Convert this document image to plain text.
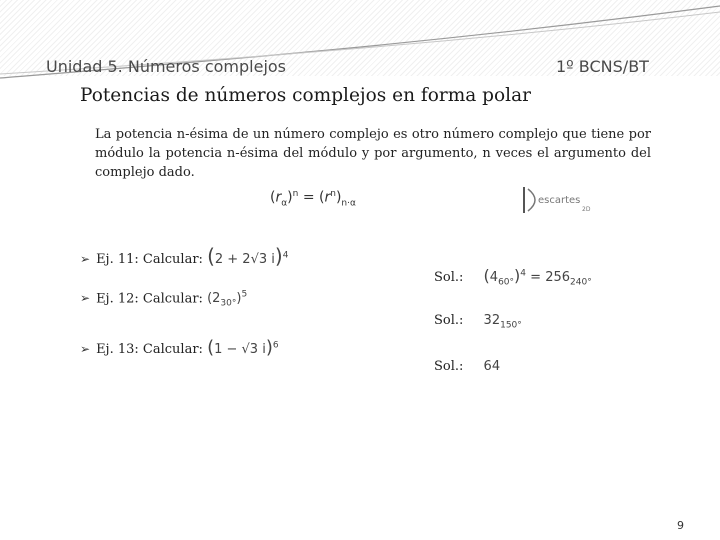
Unidad 5. Números complejos	1º BCNS/BT
Potencias de números complejos en forma polar
La potencia n-ésima de un número complejo es otro número complejo que tiene por módulo la potencia n-ésima del módulo y por argumento, n veces el argumento del complejo dado.
$(r_\alpha)^n = (r^n)_{n\cdot\alpha}$	escartes
2D
➢ Ej. 11: Calcular: (2 + 2√3 i)$^4$
➢ Ej. 12: Calcular: $(2_{30^\circ})^5$
➢ Ej. 13: Calcular: (1 − √3 i)$^6$
Sol.: $(4_{60^\circ})^4 = 256_{240^\circ}$
Sol.: $32_{150^\circ}$
Sol.: 64
9
